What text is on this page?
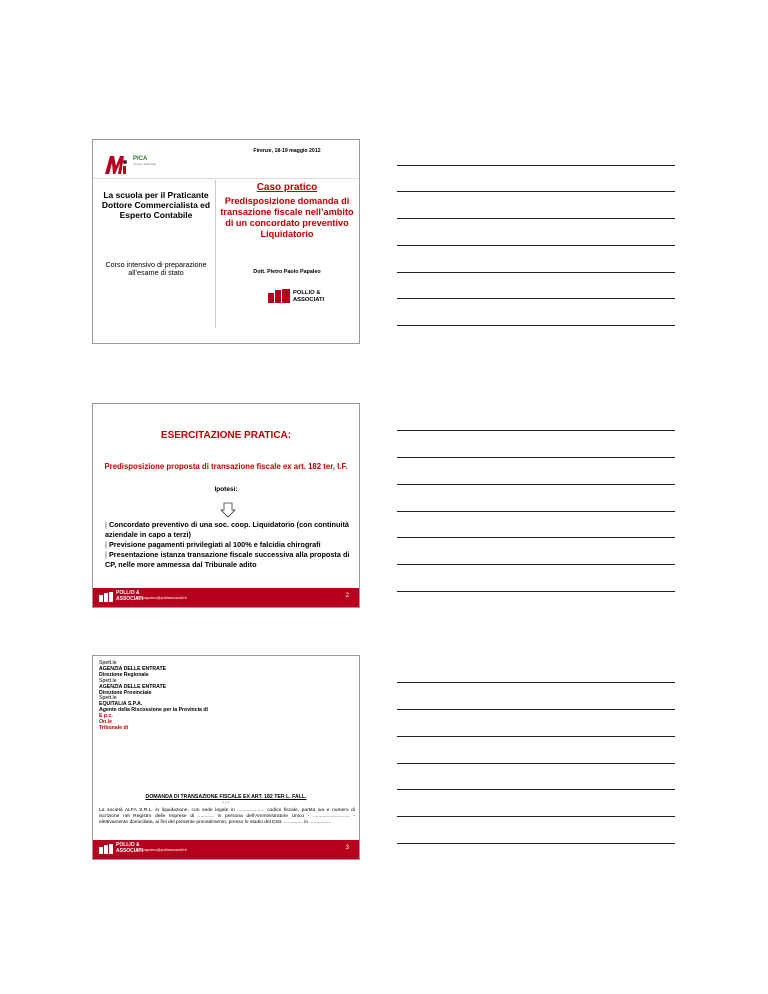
PICA
Gruppo Editoriale
Firenze, 18-19 maggio 2012
La scuola per il Praticante Dottore Commercialista ed Esperto Contabile
Corso intensivo di preparazione all’esame di stato
Caso pratico
Predisposizione domanda di transazione fiscale nell’ambito di un concordato preventivo Liquidatorio
Dott. Pietro Paolo Papaleo
POLLIO &
ASSOCIATI
ESERCITAZIONE PRATICA:
Predisposizione proposta di transazione fiscale ex art. 182 ter, l.F.
Ipotesi:
| Concordato preventivo di una soc. coop. Liquidatorio (con continuità aziendale in capo a terzi)
| Previsione pagamenti privilegiati al 100% e falcidia chirografi
| Presentazione istanza transazione fiscale successiva alla proposta di CP, nelle more ammessa dal Tribunale adito
POLLIO &
ASSOCIATI
pp.papaleo@polliassociati.it	2
Spett.le
AGENZIA DELLE ENTRATE
Direzione Regionale
Spett.le
AGENZIA DELLE ENTRATE
Direzione Provinciale
Spett.le
EQUITALIA S.P.A.
Agente della Riscossione per la Provincia di
E p.c.
On.le
Tribunale di
DOMANDA DI TRANSAZIONE FISCALE EX ART. 182 TER L. FALL.
* * *
La società ALFA S.R.L. in liquidazione, con sede legale in .................... codice fiscale, partita iva e numero di iscrizione nel Registro delle Imprese di ............ in persona dell’Amministratore Unico - ........................... - elettivamente domiciliata, ai fini del presente procedimento, presso lo studio del Dott. .............. in ................
POLLIO &
ASSOCIATI
pp.papaleo@polliassociati.it	3
